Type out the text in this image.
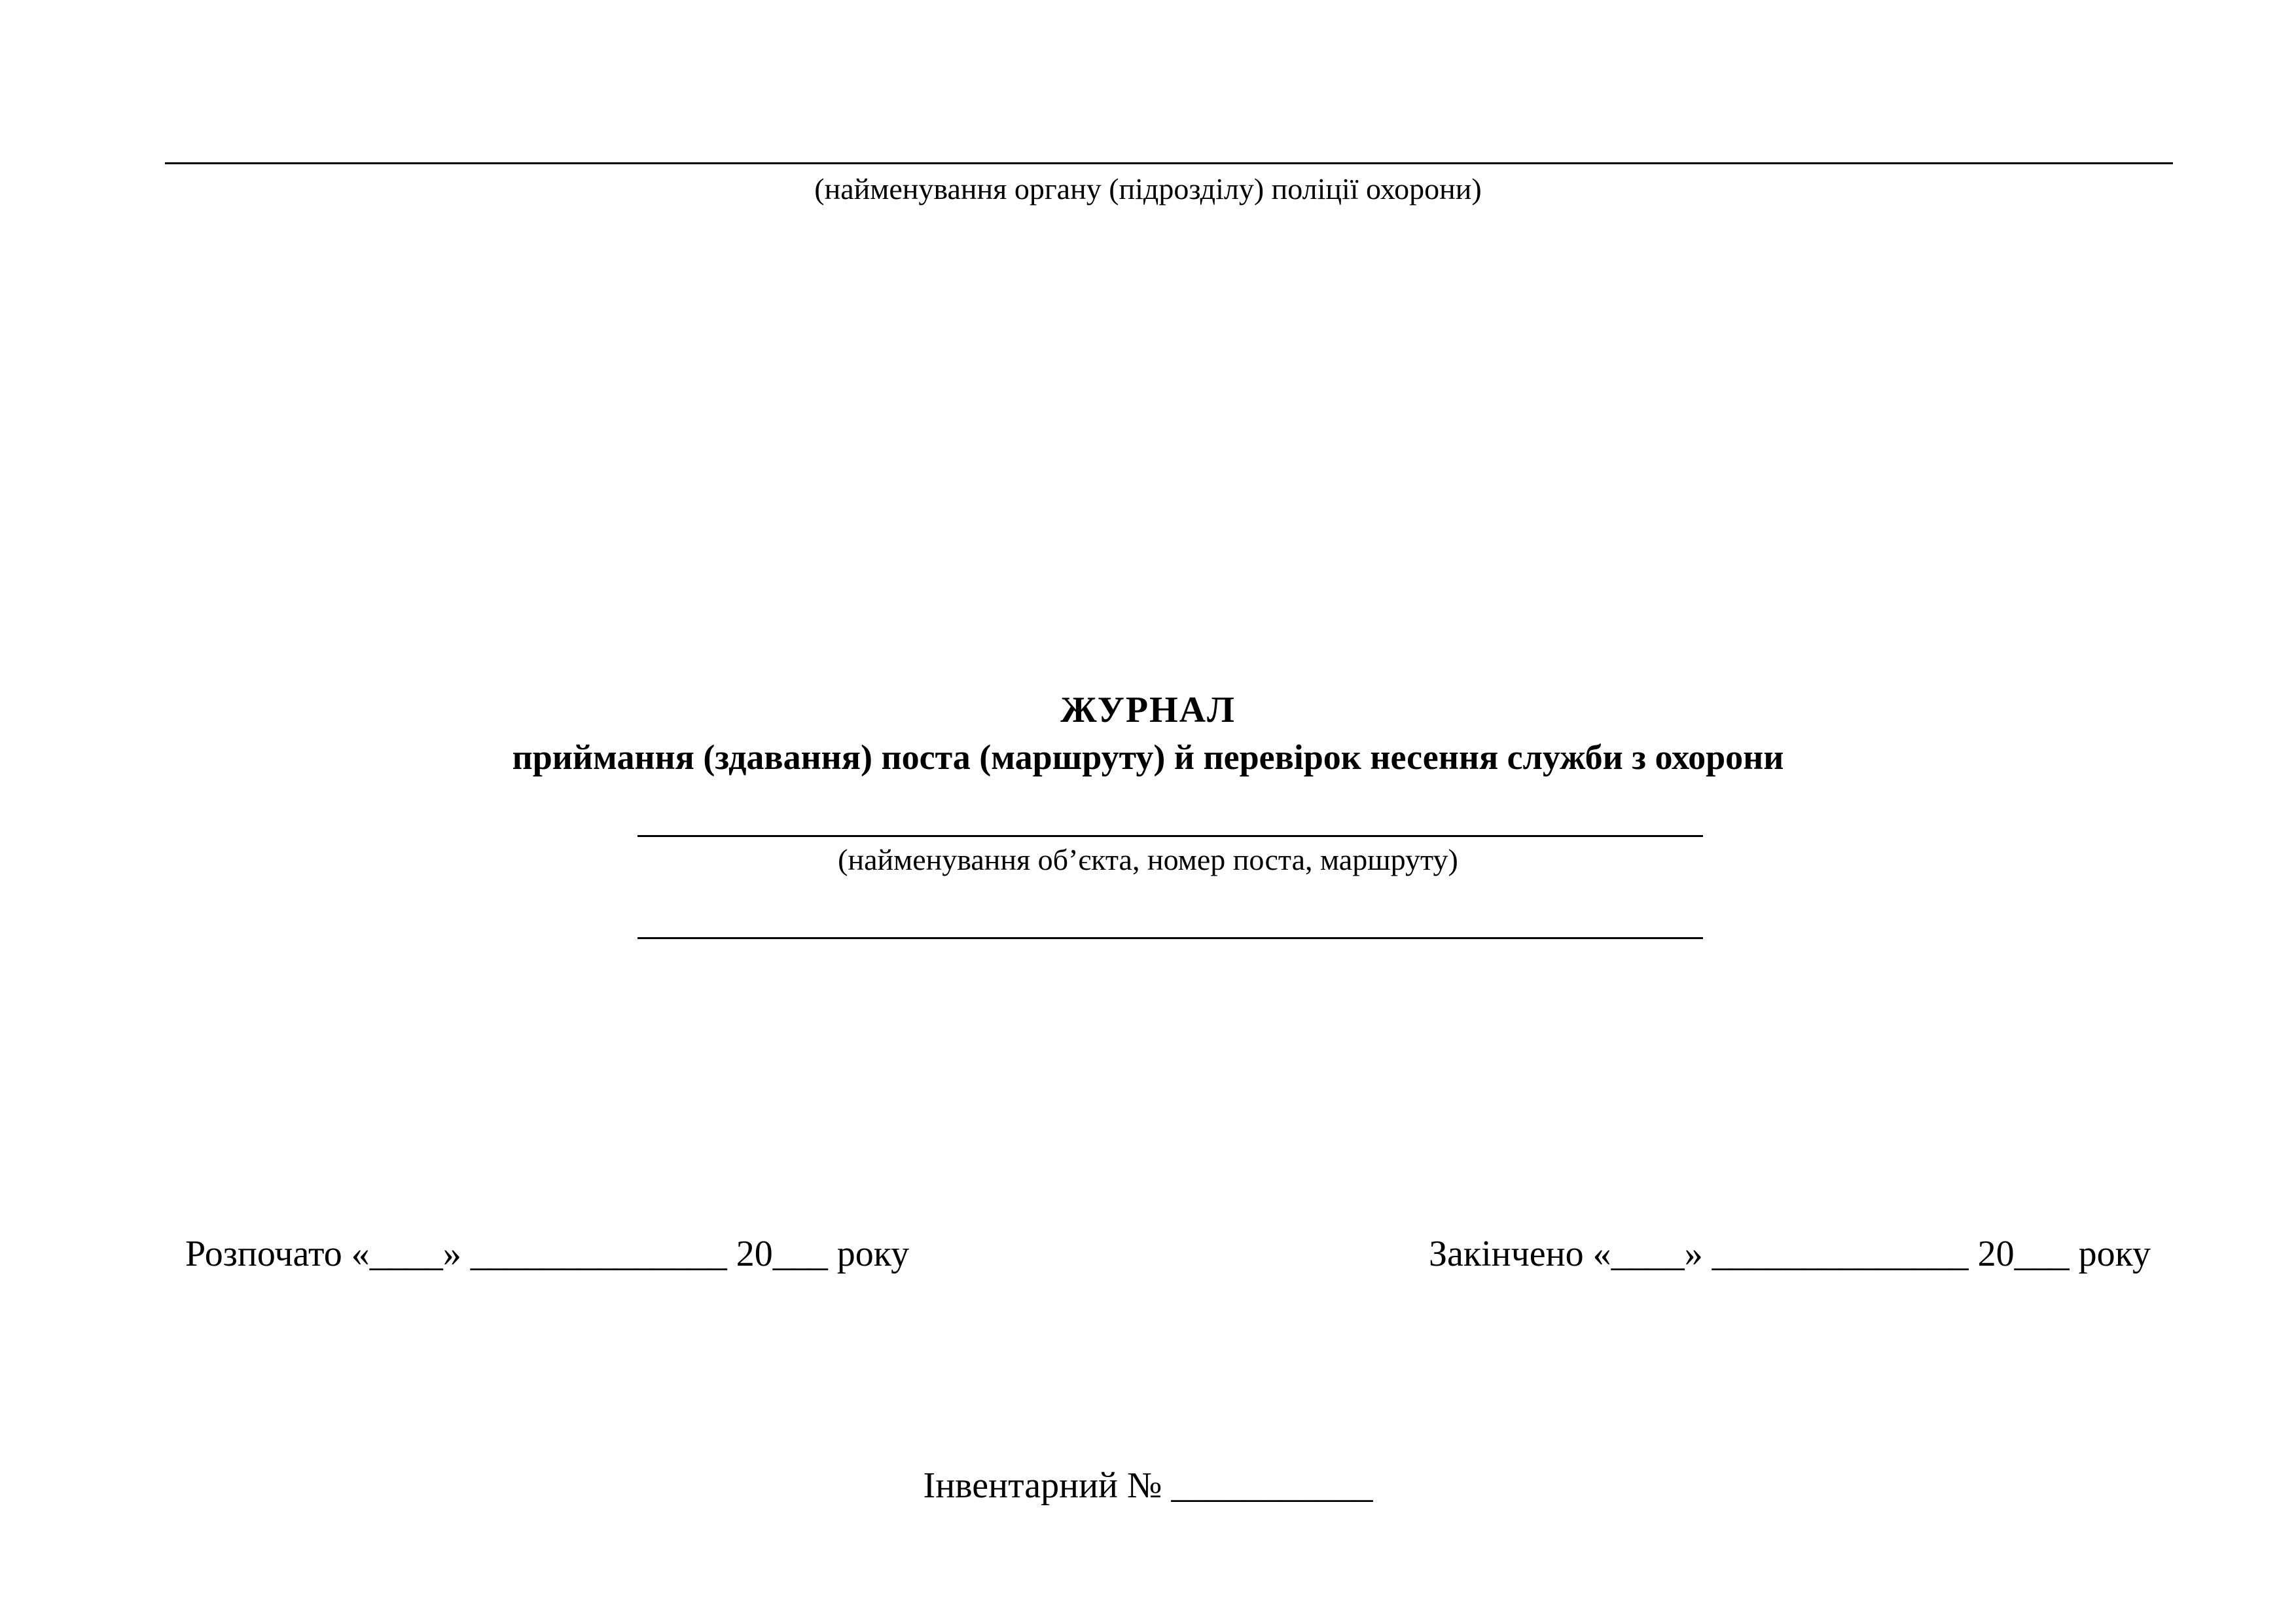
(найменування органу (підрозділу) поліції охорони)
ЖУРНАЛ
приймання (здавання) поста (маршруту) й перевірок несення служби з охорони
(найменування об’єкта, номер поста, маршруту)
Розпочато «____» ______________ 20___ року	Закінчено «____» ______________ 20___ року
Інвентарний № ___________
